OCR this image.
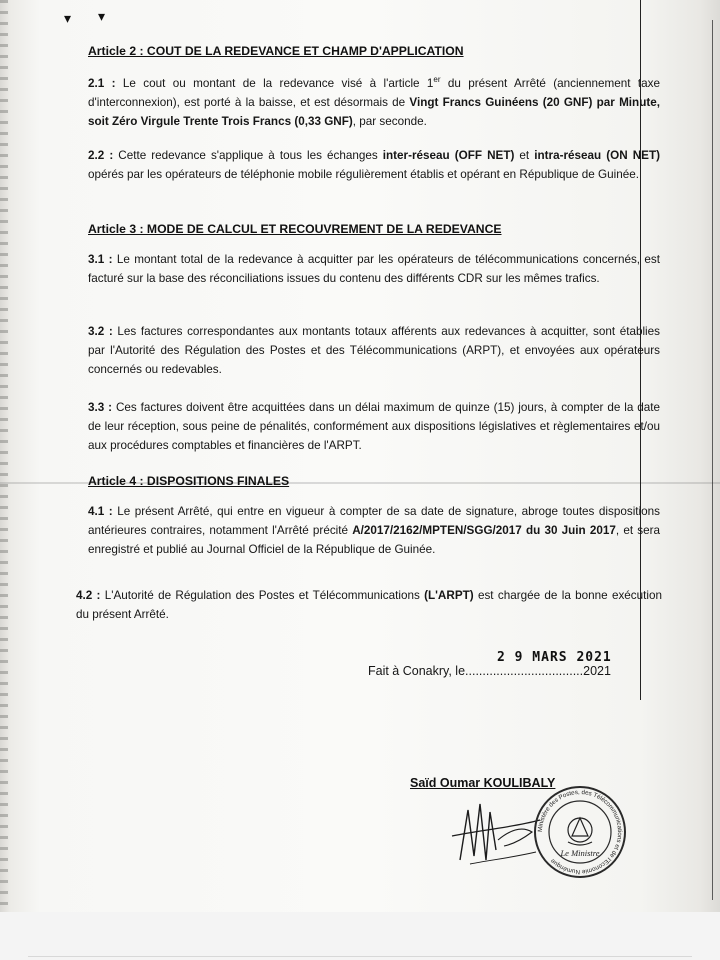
▾ ▾
Article 2 : COUT DE LA REDEVANCE ET CHAMP D'APPLICATION
2.1 : Le cout ou montant de la redevance visé à l'article 1er du présent Arrêté (anciennement taxe d'interconnexion), est porté à la baisse, et est désormais de Vingt Francs Guinéens (20 GNF) par Minute, soit Zéro Virgule Trente Trois Francs (0,33 GNF), par seconde.
2.2 : Cette redevance s'applique à tous les échanges inter-réseau (OFF NET) et intra-réseau (ON NET) opérés par les opérateurs de téléphonie mobile régulièrement établis et opérant en République de Guinée.
Article 3 : MODE DE CALCUL ET RECOUVREMENT DE LA REDEVANCE
3.1 : Le montant total de la redevance à acquitter par les opérateurs de télécommunications concernés, est facturé sur la base des réconciliations issues du contenu des différents CDR sur les mêmes trafics.
3.2 : Les factures correspondantes aux montants totaux afférents aux redevances à acquitter, sont établies par l'Autorité des Régulation des Postes et des Télécommunications (ARPT), et envoyées aux opérateurs concernés ou redevables.
3.3 : Ces factures doivent être acquittées dans un délai maximum de quinze (15) jours, à compter de la date de leur réception, sous peine de pénalités, conformément aux dispositions législatives et règlementaires et/ou aux procédures comptables et financières de l'ARPT.
Article 4 : DISPOSITIONS FINALES
4.1 : Le présent Arrêté, qui entre en vigueur à compter de sa date de signature, abroge toutes dispositions antérieures contraires, notamment l'Arrêté précité A/2017/2162/MPTEN/SGG/2017 du 30 Juin 2017, et sera enregistré et publié au Journal Officiel de la République de Guinée.
4.2 : L'Autorité de Régulation des Postes et Télécommunications (L'ARPT) est chargée de la bonne exécution du présent Arrêté.
2 9 MARS 2021
Fait à Conakry, le..................................2021
Saïd Oumar KOULIBALY
Ministère des Postes, des Télécommunications et de l'Economie Numérique
Le Ministre
